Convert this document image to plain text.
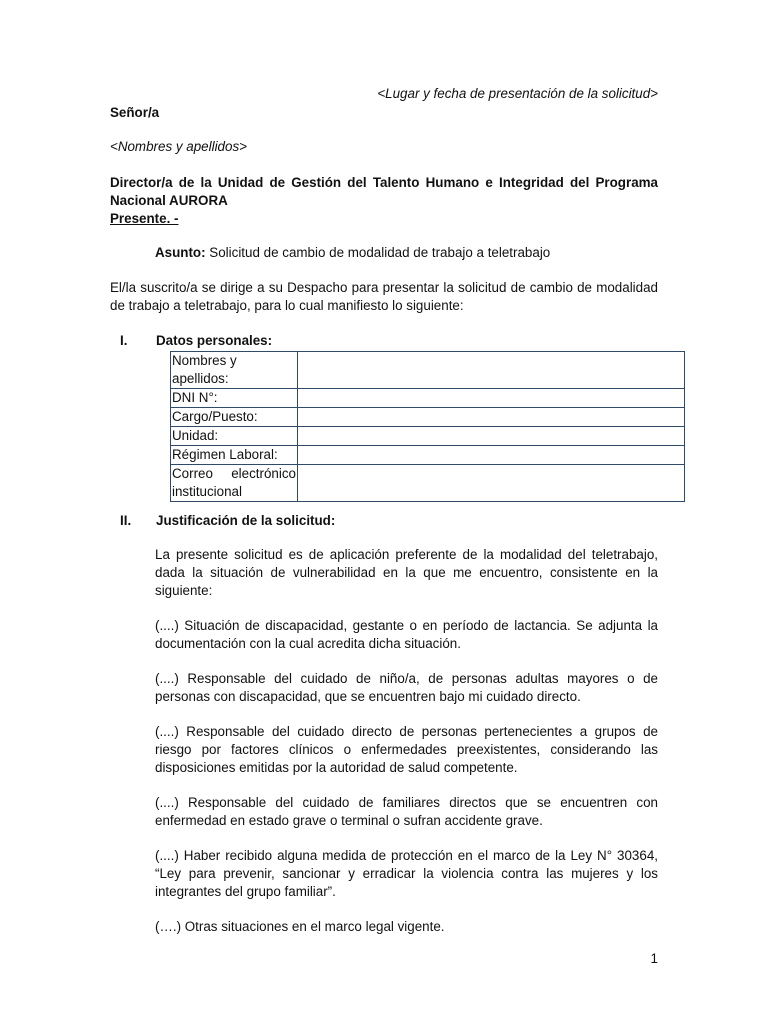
<Lugar y fecha de presentación de la solicitud>
Señor/a
<Nombres y apellidos>
Director/a de la Unidad de Gestión del Talento Humano e Integridad del Programa Nacional AURORA
Presente. -
Asunto: Solicitud de cambio de modalidad de trabajo a teletrabajo
El/la suscrito/a se dirige a su Despacho para presentar la solicitud de cambio de modalidad de trabajo a teletrabajo, para lo cual manifiesto lo siguiente:
I. Datos personales:
Nombres y apellidos:	
DNI N°:	
Cargo/Puesto:	
Unidad:	
Régimen Laboral:	
Correo electrónico institucional	
II. Justificación de la solicitud:
La presente solicitud es de aplicación preferente de la modalidad del teletrabajo, dada la situación de vulnerabilidad en la que me encuentro, consistente en la siguiente:
(....) Situación de discapacidad, gestante o en período de lactancia. Se adjunta la documentación con la cual acredita dicha situación.
(....) Responsable del cuidado de niño/a, de personas adultas mayores o de personas con discapacidad, que se encuentren bajo mi cuidado directo.
(....) Responsable del cuidado directo de personas pertenecientes a grupos de riesgo por factores clínicos o enfermedades preexistentes, considerando las disposiciones emitidas por la autoridad de salud competente.
(....) Responsable del cuidado de familiares directos que se encuentren con enfermedad en estado grave o terminal o sufran accidente grave.
(....) Haber recibido alguna medida de protección en el marco de la Ley N° 30364, “Ley para prevenir, sancionar y erradicar la violencia contra las mujeres y los integrantes del grupo familiar”.
(….) Otras situaciones en el marco legal vigente.
1
